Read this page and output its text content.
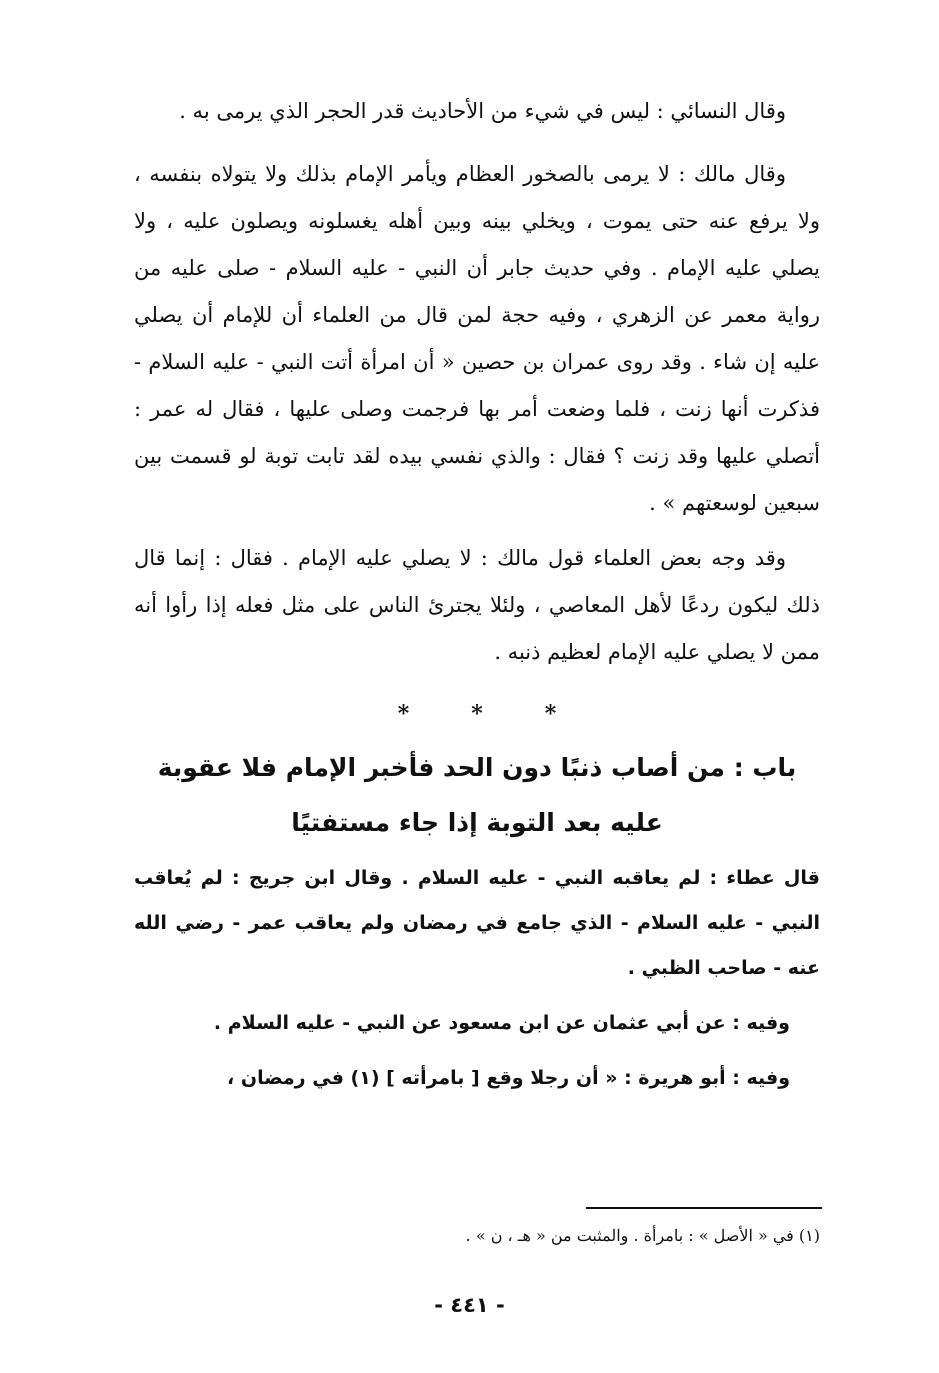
وقال النسائي : ليس في شيء من الأحاديث قدر الحجر الذي يرمى به .

وقال مالك : لا يرمى بالصخور العظام ويأمر الإمام بذلك ولا يتولاه بنفسه ، ولا يرفع عنه حتى يموت ، ويخلي بينه وبين أهله يغسلونه ويصلون عليه ، ولا يصلي عليه الإمام . وفي حديث جابر أن النبي - عليه السلام - صلى عليه من رواية معمر عن الزهري ، وفيه حجة لمن قال من العلماء أن للإمام أن يصلي عليه إن شاء . وقد روى عمران بن حصين « أن امرأة أتت النبي - عليه السلام - فذكرت أنها زنت ، فلما وضعت أمر بها فرجمت وصلى عليها ، فقال له عمر : أتصلي عليها وقد زنت ؟ فقال : والذي نفسي بيده لقد تابت توبة لو قسمت بين سبعين لوسعتهم » .

وقد وجه بعض العلماء قول مالك : لا يصلي عليه الإمام . فقال : إنما قال ذلك ليكون ردعًا لأهل المعاصي ، ولئلا يجترئ الناس على مثل فعله إذا رأوا أنه ممن لا يصلي عليه الإمام لعظيم ذنبه .

*	*	*
باب : من أصاب ذنبًا دون الحد فأخبر الإمام فلا عقوبة
عليه بعد التوبة إذا جاء مستفتيًا

قال عطاء : لم يعاقبه النبي - عليه السلام . وقال ابن جريج : لم يُعاقب النبي - عليه السلام - الذي جامع في رمضان ولم يعاقب عمر - رضي الله عنه - صاحب الظبي .

وفيه : عن أبي عثمان عن ابن مسعود عن النبي - عليه السلام .

وفيه : أبو هريرة : « أن رجلا وقع [ بامرأته ] (١) في رمضان ،

(١) في « الأصل » : بامرأة . والمثبت من « هـ ، ن » .
- ٤٤١ -
